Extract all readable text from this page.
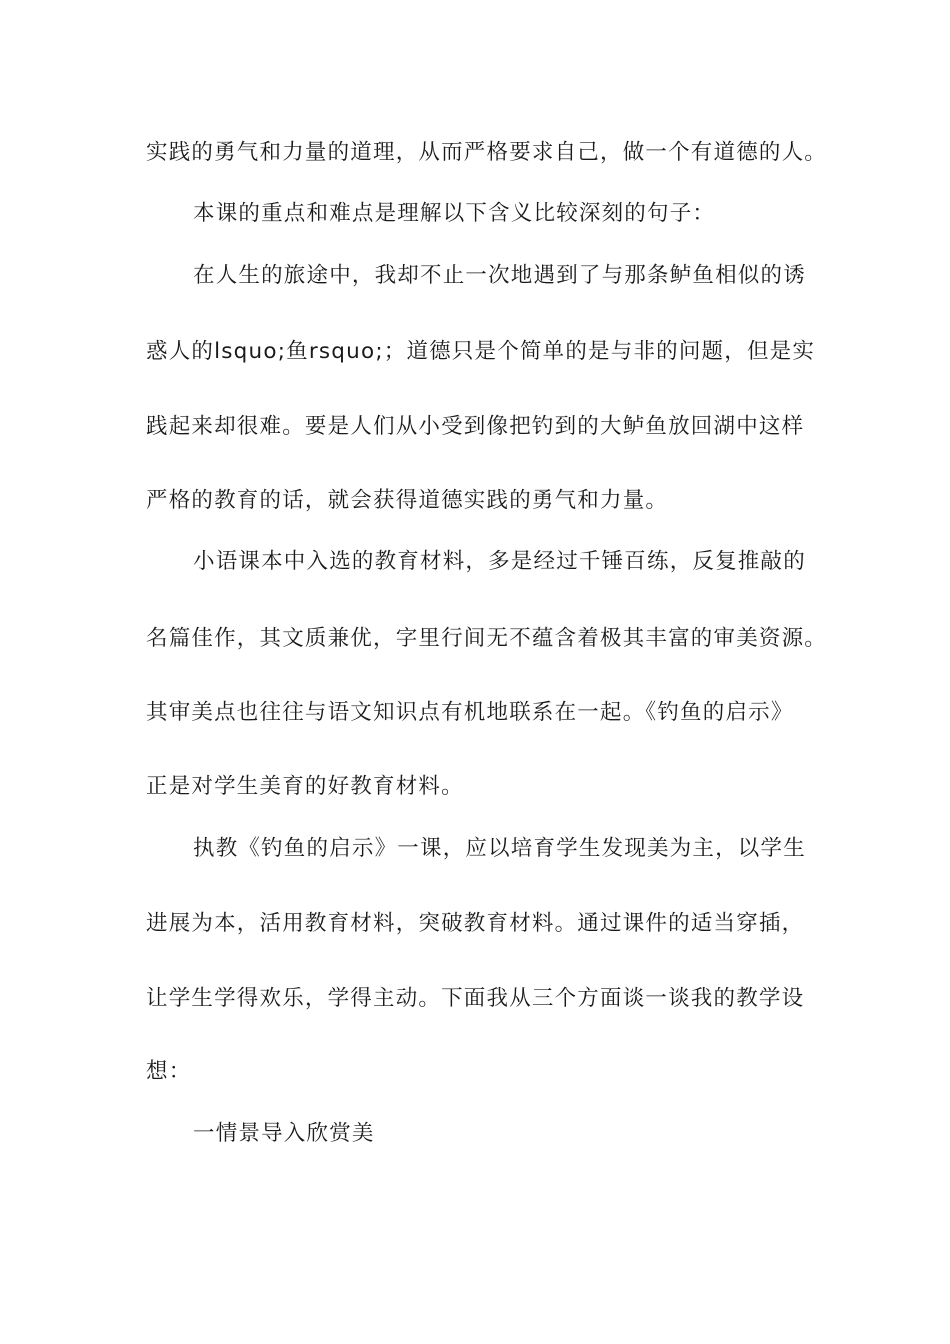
实践的勇气和力量的道理，从而严格要求自己，做一个有道德的人。
本课的重点和难点是理解以下含义比较深刻的句子：
在人生的旅途中，我却不止一次地遇到了与那条鲈鱼相似的诱
惑人的lsquo;鱼rsquo;；道德只是个简单的是与非的问题，但是实
践起来却很难。要是人们从小受到像把钓到的大鲈鱼放回湖中这样
严格的教育的话，就会获得道德实践的勇气和力量。
小语课本中入选的教育材料，多是经过千锤百练，反复推敲的
名篇佳作，其文质兼优，字里行间无不蕴含着极其丰富的审美资源。
其审美点也往往与语文知识点有机地联系在一起。《钓鱼的启示》
正是对学生美育的好教育材料。
执教《钓鱼的启示》一课，应以培育学生发现美为主，以学生
进展为本，活用教育材料，突破教育材料。通过课件的适当穿插，
让学生学得欢乐，学得主动。下面我从三个方面谈一谈我的教学设
想：
一情景导入欣赏美
